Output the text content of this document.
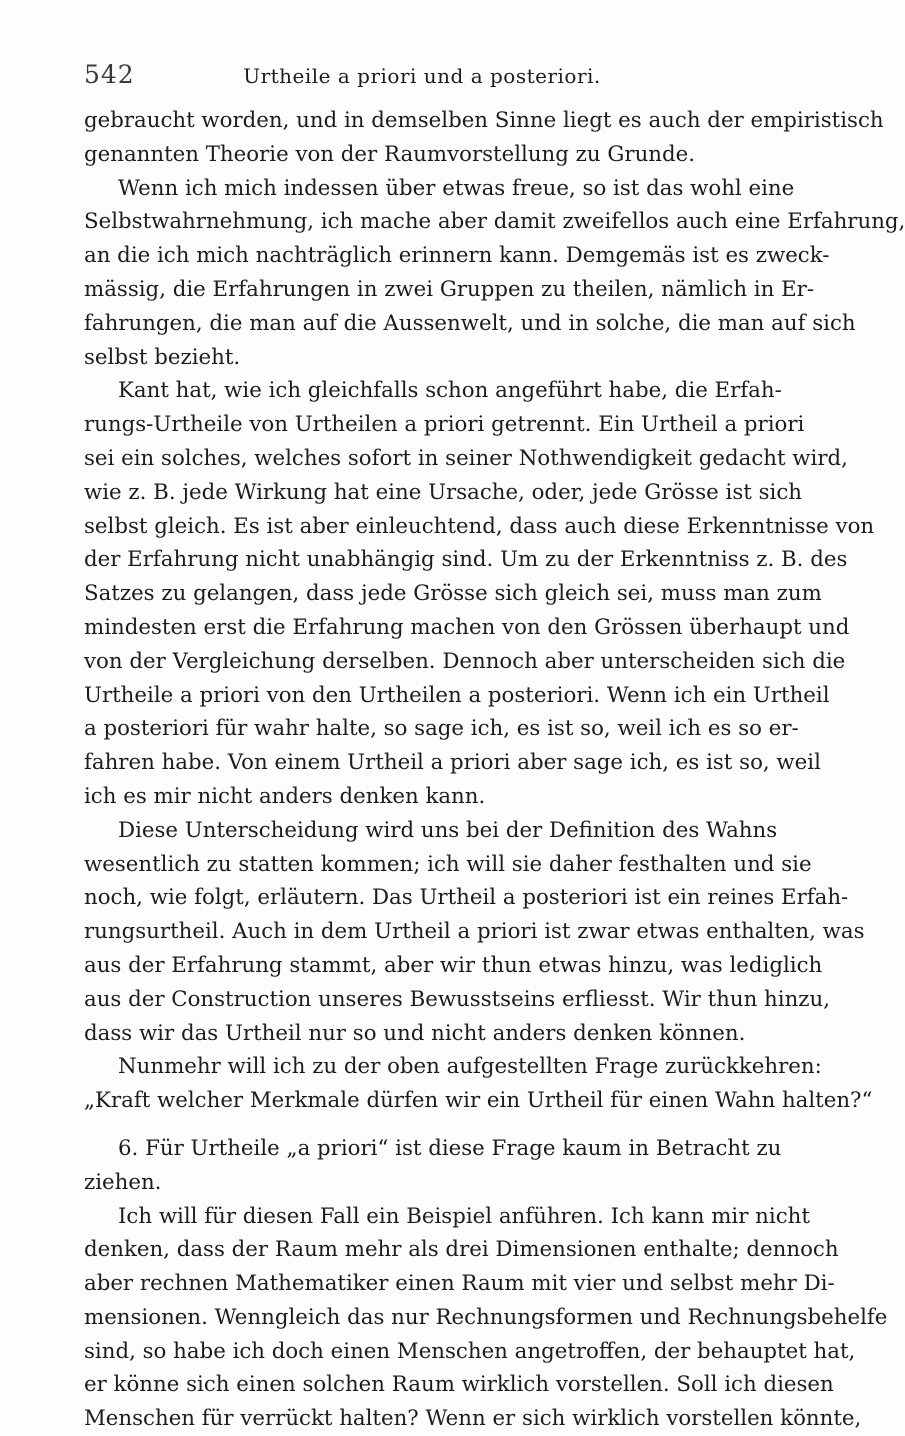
542	Urtheile a priori und a posteriori.
gebraucht worden, und in demselben Sinne liegt es auch der empiristisch
genannten Theorie von der Raumvorstellung zu Grunde.
Wenn ich mich indessen über etwas freue, so ist das wohl eine
Selbstwahrnehmung, ich mache aber damit zweifellos auch eine Erfahrung,
an die ich mich nachträglich erinnern kann. Demgemäs ist es zweck-
mässig, die Erfahrungen in zwei Gruppen zu theilen, nämlich in Er-
fahrungen, die man auf die Aussenwelt, und in solche, die man auf sich
selbst bezieht.
Kant hat, wie ich gleichfalls schon angeführt habe, die Erfah-
rungs-Urtheile von Urtheilen a priori getrennt. Ein Urtheil a priori
sei ein solches, welches sofort in seiner Nothwendigkeit gedacht wird,
wie z. B. jede Wirkung hat eine Ursache, oder, jede Grösse ist sich
selbst gleich. Es ist aber einleuchtend, dass auch diese Erkenntnisse von
der Erfahrung nicht unabhängig sind. Um zu der Erkenntniss z. B. des
Satzes zu gelangen, dass jede Grösse sich gleich sei, muss man zum
mindesten erst die Erfahrung machen von den Grössen überhaupt und
von der Vergleichung derselben. Dennoch aber unterscheiden sich die
Urtheile a priori von den Urtheilen a posteriori. Wenn ich ein Urtheil
a posteriori für wahr halte, so sage ich, es ist so, weil ich es so er-
fahren habe. Von einem Urtheil a priori aber sage ich, es ist so, weil
ich es mir nicht anders denken kann.
Diese Unterscheidung wird uns bei der Definition des Wahns
wesentlich zu statten kommen; ich will sie daher festhalten und sie
noch, wie folgt, erläutern. Das Urtheil a posteriori ist ein reines Erfah-
rungsurtheil. Auch in dem Urtheil a priori ist zwar etwas enthalten, was
aus der Erfahrung stammt, aber wir thun etwas hinzu, was lediglich
aus der Construction unseres Bewusstseins erfliesst. Wir thun hinzu,
dass wir das Urtheil nur so und nicht anders denken können.
Nunmehr will ich zu der oben aufgestellten Frage zurückkehren:
„Kraft welcher Merkmale dürfen wir ein Urtheil für einen Wahn halten?“
6. Für Urtheile „a priori“ ist diese Frage kaum in Betracht zu
ziehen.
Ich will für diesen Fall ein Beispiel anführen. Ich kann mir nicht
denken, dass der Raum mehr als drei Dimensionen enthalte; dennoch
aber rechnen Mathematiker einen Raum mit vier und selbst mehr Di-
mensionen. Wenngleich das nur Rechnungsformen und Rechnungsbehelfe
sind, so habe ich doch einen Menschen angetroffen, der behauptet hat,
er könne sich einen solchen Raum wirklich vorstellen. Soll ich diesen
Menschen für verrückt halten? Wenn er sich wirklich vorstellen könnte,
